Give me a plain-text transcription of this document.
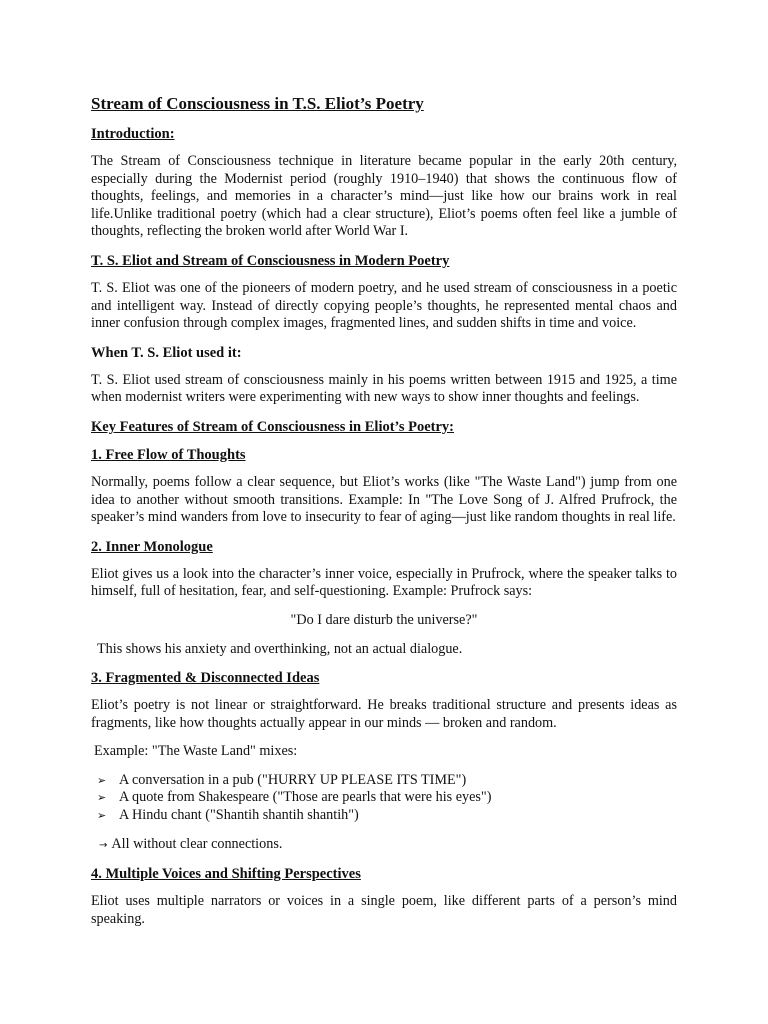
Stream of Consciousness in T.S. Eliot’s Poetry
Introduction:

The Stream of Consciousness technique in literature became popular in the early 20th century, especially during the Modernist period (roughly 1910–1940) that shows the continuous flow of thoughts, feelings, and memories in a character’s mind—just like how our brains work in real life.Unlike traditional poetry (which had a clear structure), Eliot’s poems often feel like a jumble of thoughts, reflecting the broken world after World War I.

T. S. Eliot and Stream of Consciousness in Modern Poetry

T. S. Eliot was one of the pioneers of modern poetry, and he used stream of consciousness in a poetic and intelligent way. Instead of directly copying people’s thoughts, he represented mental chaos and inner confusion through complex images, fragmented lines, and sudden shifts in time and voice.

When T. S. Eliot used it:

T. S. Eliot used stream of consciousness mainly in his poems written between 1915 and 1925, a time when modernist writers were experimenting with new ways to show inner thoughts and feelings.

Key Features of Stream of Consciousness in Eliot’s Poetry:
1. Free Flow of Thoughts

Normally, poems follow a clear sequence, but Eliot’s works (like "The Waste Land") jump from one idea to another without smooth transitions. Example: In "The Love Song of J. Alfred Prufrock, the speaker’s mind wanders from love to insecurity to fear of aging—just like random thoughts in real life.

2. Inner Monologue

Eliot gives us a look into the character’s inner voice, especially in Prufrock, where the speaker talks to himself, full of hesitation, fear, and self-questioning. Example: Prufrock says:

"Do I dare disturb the universe?"

This shows his anxiety and overthinking, not an actual dialogue.

3. Fragmented & Disconnected Ideas

Eliot’s poetry is not linear or straightforward. He breaks traditional structure and presents ideas as fragments, like how thoughts actually appear in our minds — broken and random.

Example: "The Waste Land" mixes:

➢ A conversation in a pub ("HURRY UP PLEASE ITS TIME")
➢ A quote from Shakespeare ("Those are pearls that were his eyes")
➢ A Hindu chant ("Shantih shantih shantih")

→ All without clear connections.

4. Multiple Voices and Shifting Perspectives

Eliot uses multiple narrators or voices in a single poem, like different parts of a person’s mind speaking.
